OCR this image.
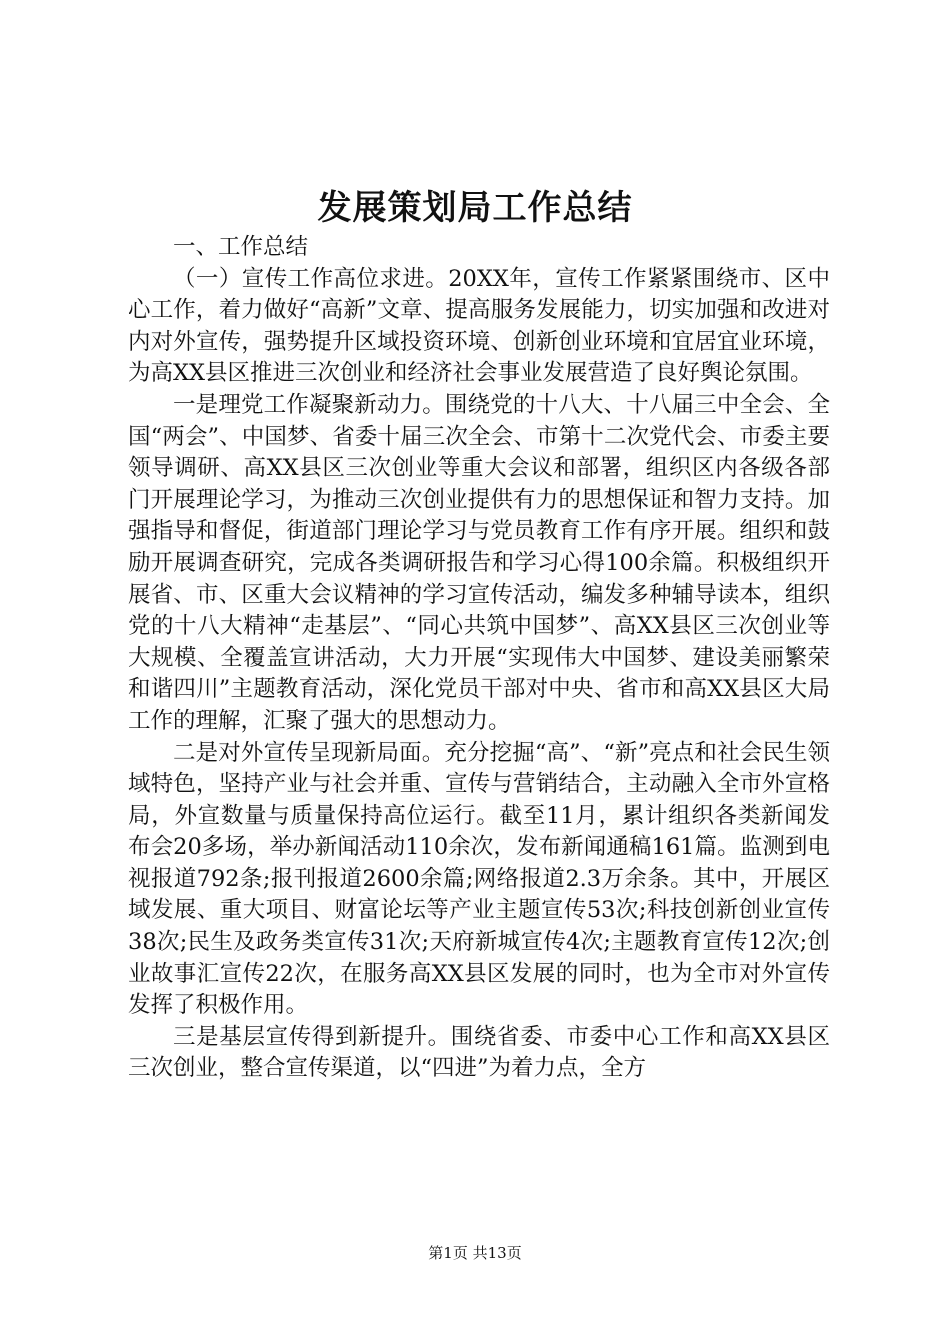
发展策划局工作总结

一、工作总结

（一）宣传工作高位求进。20XX年，宣传工作紧紧围绕市、区中心工作，着力做好“高新”文章、提高服务发展能力，切实加强和改进对内对外宣传，强势提升区域投资环境、创新创业环境和宜居宜业环境，为高XX县区推进三次创业和经济社会事业发展营造了良好舆论氛围。

一是理党工作凝聚新动力。围绕党的十八大、十八届三中全会、全国“两会”、中国梦、省委十届三次全会、市第十二次党代会、市委主要领导调研、高XX县区三次创业等重大会议和部署，组织区内各级各部门开展理论学习，为推动三次创业提供有力的思想保证和智力支持。加强指导和督促，街道部门理论学习与党员教育工作有序开展。组织和鼓励开展调查研究，完成各类调研报告和学习心得100余篇。积极组织开展省、市、区重大会议精神的学习宣传活动，编发多种辅导读本，组织党的十八大精神“走基层”、“同心共筑中国梦”、高XX县区三次创业等大规模、全覆盖宣讲活动，大力开展“实现伟大中国梦、建设美丽繁荣和谐四川”主题教育活动，深化党员干部对中央、省市和高XX县区大局工作的理解，汇聚了强大的思想动力。

二是对外宣传呈现新局面。充分挖掘“高”、“新”亮点和社会民生领域特色，坚持产业与社会并重、宣传与营销结合，主动融入全市外宣格局，外宣数量与质量保持高位运行。截至11月，累计组织各类新闻发布会20多场，举办新闻活动110余次，发布新闻通稿161篇。监测到电视报道792条;报刊报道2600余篇;网络报道2.3万余条。其中，开展区域发展、重大项目、财富论坛等产业主题宣传53次;科技创新创业宣传38次;民生及政务类宣传31次;天府新城宣传4次;主题教育宣传12次;创业故事汇宣传22次，在服务高XX县区发展的同时，也为全市对外宣传发挥了积极作用。

三是基层宣传得到新提升。围绕省委、市委中心工作和高XX县区三次创业，整合宣传渠道，以“四进”为着力点，全方

第1页 共13页
